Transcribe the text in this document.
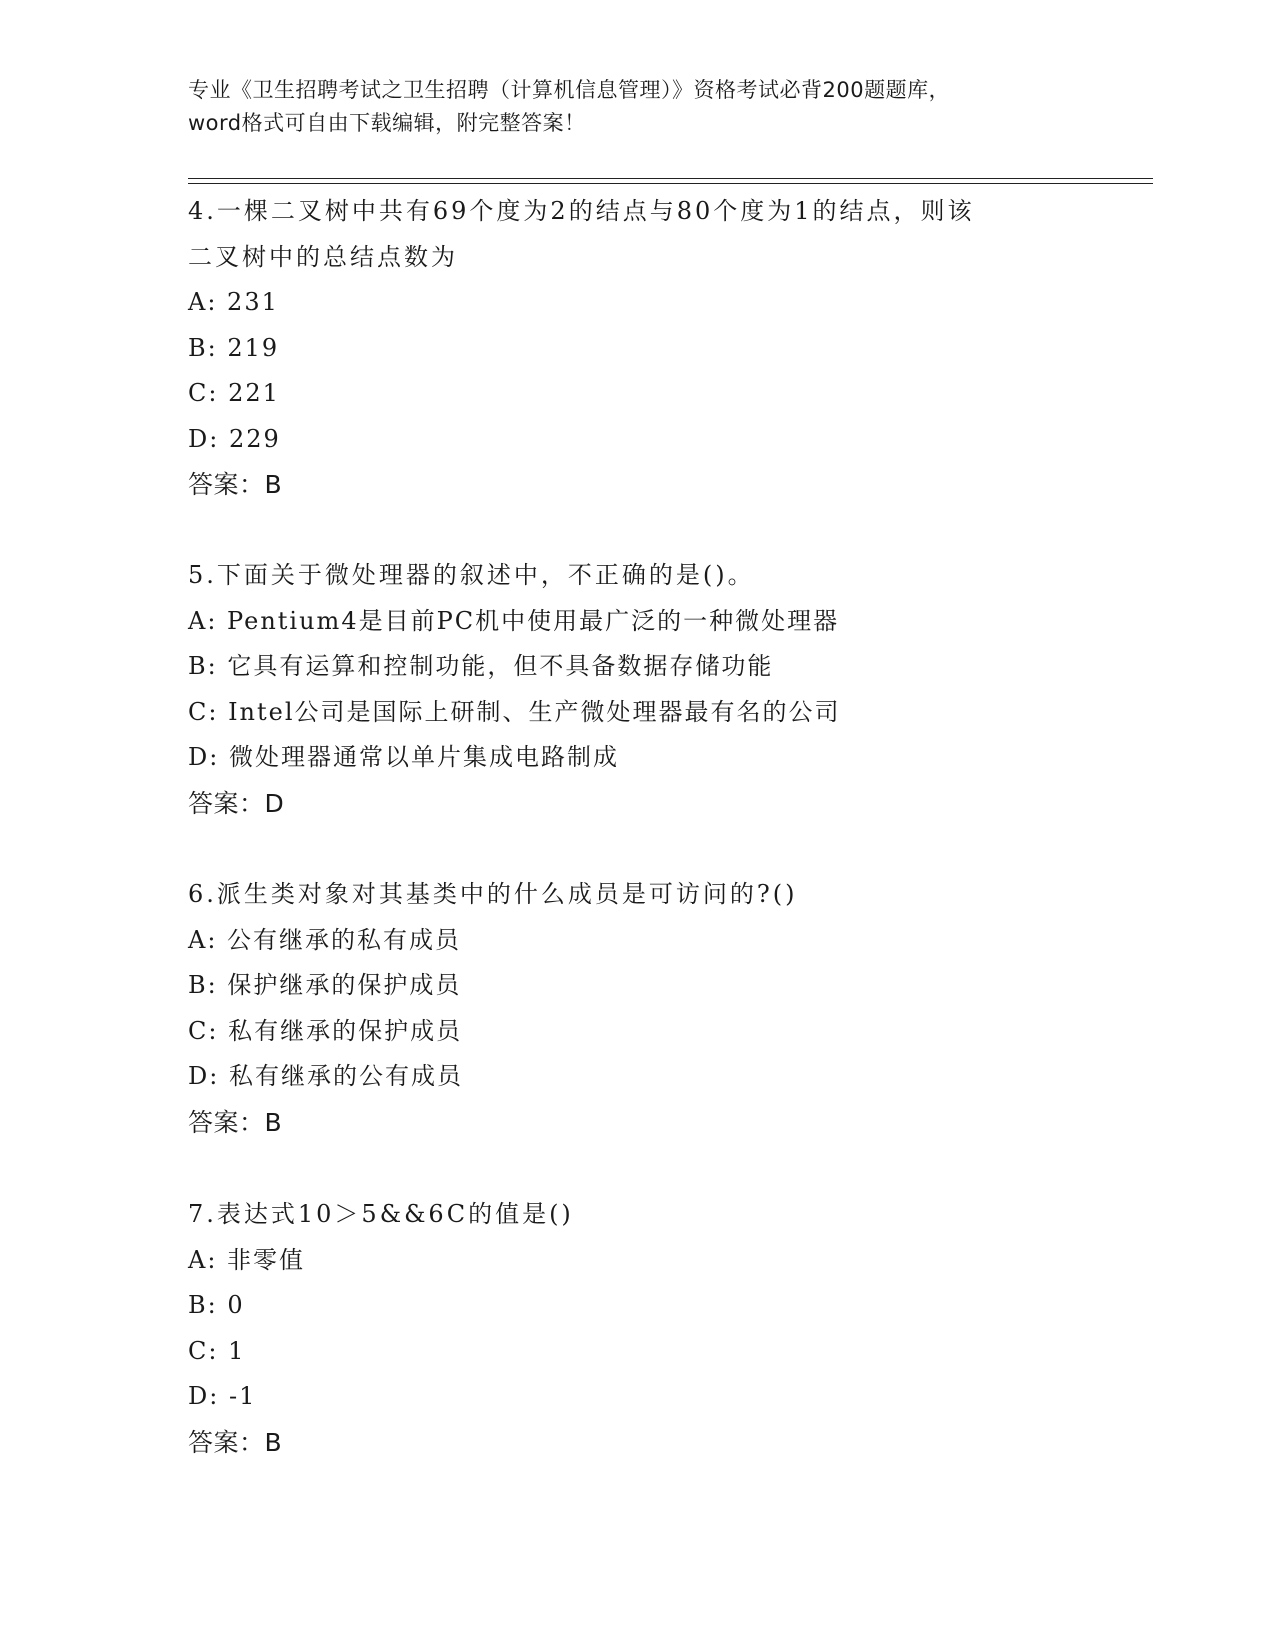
专业《卫生招聘考试之卫生招聘（计算机信息管理）》资格考试必背200题题库，
word格式可自由下载编辑，附完整答案！
4.一棵二叉树中共有69个度为2的结点与80个度为1的结点，则该
二叉树中的总结点数为
A: 231
B: 219
C: 221
D: 229
答案：B
5.下面关于微处理器的叙述中，不正确的是()。
A: Pentium4是目前PC机中使用最广泛的一种微处理器
B: 它具有运算和控制功能，但不具备数据存储功能
C: Intel公司是国际上研制、生产微处理器最有名的公司
D: 微处理器通常以单片集成电路制成
答案：D
6.派生类对象对其基类中的什么成员是可访问的?()
A: 公有继承的私有成员
B: 保护继承的保护成员
C: 私有继承的保护成员
D: 私有继承的公有成员
答案：B
7.表达式10＞5&&6C的值是()
A: 非零值
B: 0
C: 1
D: -1
答案：B
